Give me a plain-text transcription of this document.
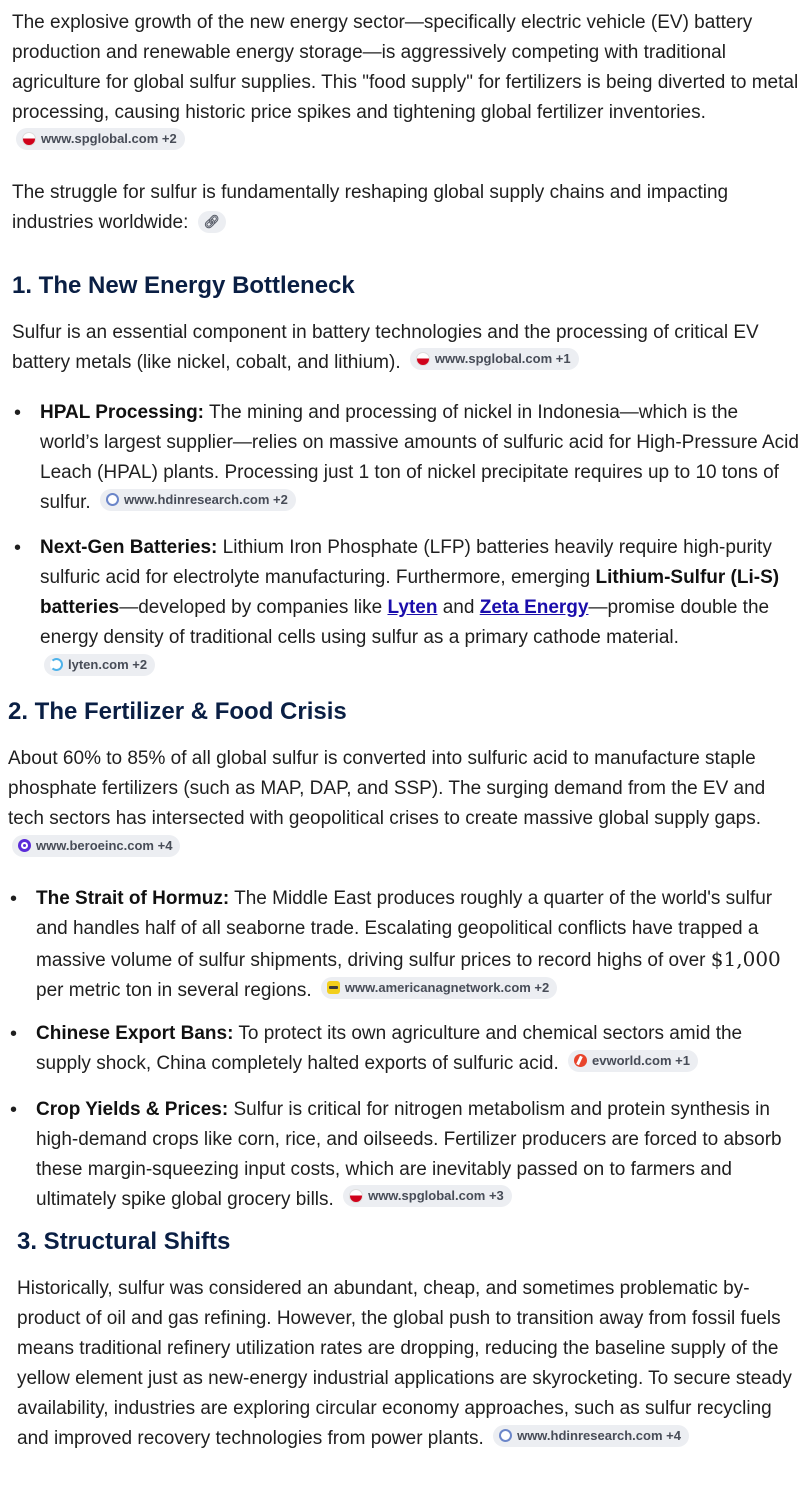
The explosive growth of the new energy sector—specifically electric vehicle (EV) battery production and renewable energy storage—is aggressively competing with traditional agriculture for global sulfur supplies. This "food supply" for fertilizers is being diverted to metal processing, causing historic price spikes and tightening global fertilizer inventories.
www.spglobal.com +2

The struggle for sulfur is fundamentally reshaping global supply chains and impacting industries worldwide: 🔗︎

1. The New Energy Bottleneck

Sulfur is an essential component in battery technologies and the processing of critical EV battery metals (like nickel, cobalt, and lithium).	www.spglobal.com +1

• HPAL Processing: The mining and processing of nickel in Indonesia—which is the world’s largest supplier—relies on massive amounts of sulfuric acid for High-Pressure Acid Leach (HPAL) plants. Processing just 1 ton of nickel precipitate requires up to 10 tons of sulfur.	www.hdinresearch.com +2
• Next-Gen Batteries: Lithium Iron Phosphate (LFP) batteries heavily require high-purity sulfuric acid for electrolyte manufacturing. Furthermore, emerging Lithium-Sulfur (Li-S) batteries—developed by companies like Lyten and Zeta Energy—promise double the energy density of traditional cells using sulfur as a primary cathode material.
lyten.com +2
2. The Fertilizer & Food Crisis

About 60% to 85% of all global sulfur is converted into sulfuric acid to manufacture staple phosphate fertilizers (such as MAP, DAP, and SSP). The surging demand from the EV and tech sectors has intersected with geopolitical crises to create massive global supply gaps.
www.beroeinc.com +4

• The Strait of Hormuz: The Middle East produces roughly a quarter of the world's sulfur and handles half of all seaborne trade. Escalating geopolitical conflicts have trapped a massive volume of sulfur shipments, driving sulfur prices to record highs of over $1,000 per metric ton in several regions.	www.americanagnetwork.com +2
• Chinese Export Bans: To protect its own agriculture and chemical sectors amid the supply shock, China completely halted exports of sulfuric acid.	evworld.com +1
• Crop Yields & Prices: Sulfur is critical for nitrogen metabolism and protein synthesis in high-demand crops like corn, rice, and oilseeds. Fertilizer producers are forced to absorb these margin-squeezing input costs, which are inevitably passed on to farmers and ultimately spike global grocery bills.	www.spglobal.com +3
3. Structural Shifts

Historically, sulfur was considered an abundant, cheap, and sometimes problematic by-product of oil and gas refining. However, the global push to transition away from fossil fuels means traditional refinery utilization rates are dropping, reducing the baseline supply of the yellow element just as new-energy industrial applications are skyrocketing. To secure steady availability, industries are exploring circular economy approaches, such as sulfur recycling and improved recovery technologies from power plants.	www.hdinresearch.com +4
